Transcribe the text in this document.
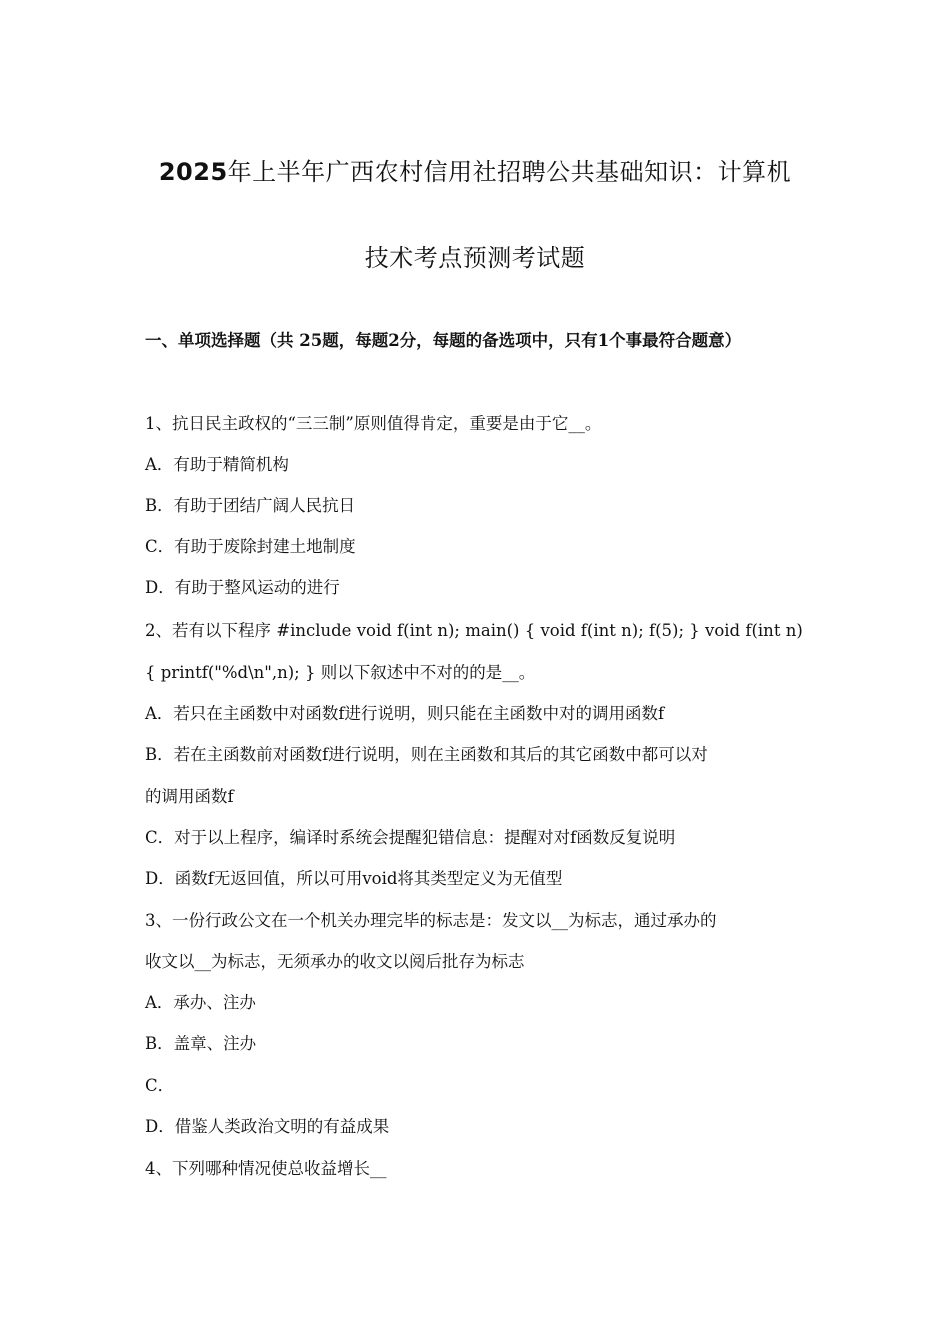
2025年上半年广西农村信用社招聘公共基础知识：计算机
技术考点预测考试题
一、单项选择题（共 25题，每题2分，每题的备选项中，只有1个事最符合题意）
1、抗日民主政权的“三三制”原则值得肯定，重要是由于它__。
A．有助于精简机构
B．有助于团结广阔人民抗日
C．有助于废除封建土地制度
D．有助于整风运动的进行
2、若有以下程序 #include void f(int n); main() { void f(int n); f(5); } void f(int n)
{ printf("%d\n",n); } 则以下叙述中不对的的是__。
A．若只在主函数中对函数f进行说明，则只能在主函数中对的调用函数f
B．若在主函数前对函数f进行说明，则在主函数和其后的其它函数中都可以对
的调用函数f
C．对于以上程序，编译时系统会提醒犯错信息：提醒对对f函数反复说明
D．函数f无返回值，所以可用void将其类型定义为无值型
3、一份行政公文在一个机关办理完毕的标志是：发文以__为标志，通过承办的
收文以__为标志，无须承办的收文以阅后批存为标志
A．承办、注办
B．盖章、注办
C．
D．借鉴人类政治文明的有益成果
4、下列哪种情况使总收益增长__
